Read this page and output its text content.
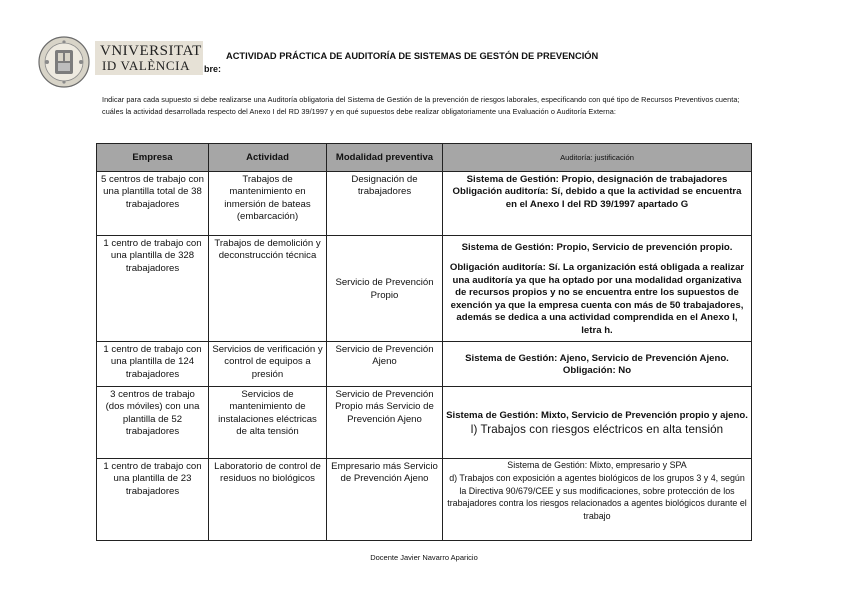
VNIVERSITAT
ID VALÈNCIA bre:
ACTIVIDAD PRÁCTICA DE AUDITORÍA DE SISTEMAS DE GESTÓN DE PREVENCIÓN

Indicar para cada supuesto si debe realizarse una Auditoría obligatoria del Sistema de Gestión de la prevención de riesgos laborales, especificando con qué tipo de Recursos Preventivos cuenta; cuáles la actividad desarrollada respecto del Anexo I del RD 39/1997 y en qué supuestos debe realizar obligatoriamente una Evaluación o Auditoría Externa:

Empresa	Actividad	Modalidad preventiva	Auditoría: justificación
5 centros de trabajo con una plantilla total de 38 trabajadores	Trabajos de mantenimiento en inmersión de bateas (embarcación)	Designación de trabajadores	Sistema de Gestión: Propio, designación de trabajadores
Obligación auditoría: Sí, debido a que la actividad se encuentra en el Anexo I del RD 39/1997 apartado G

1 centro de trabajo con una plantilla de 328 trabajadores	Trabajos de demolición y deconstrucción técnica	Servicio de Prevención Propio	Sistema de Gestión: Propio, Servicio de prevención propio.
Obligación auditoría: Sí. La organización está obligada a realizar una auditoría ya que ha optado por una modalidad organizativa de recursos propios y no se encuentra entre los supuestos de exención ya que la empresa cuenta con más de 50 trabajadores, además se dedica a una actividad comprendida en el Anexo I, letra h.

1 centro de trabajo con una plantilla de 124 trabajadores	Servicios de verificación y control de equipos a presión	Servicio de Prevención Ajeno	Sistema de Gestión: Ajeno, Servicio de Prevención Ajeno.
Obligación: No

3 centros de trabajo (dos móviles) con una plantilla de 52 trabajadores	Servicios de mantenimiento de instalaciones eléctricas de alta tensión	Servicio de Prevención Propio más Servicio de Prevención Ajeno	Sistema de Gestión: Mixto, Servicio de Prevención propio y ajeno.
l) Trabajos con riesgos eléctricos en alta tensión

1 centro de trabajo con una plantilla de 23 trabajadores	Laboratorio de control de residuos no biológicos	Empresario más Servicio de Prevención Ajeno	Sistema de Gestión: Mixto, empresario y SPA
d) Trabajos con exposición a agentes biológicos de los grupos 3 y 4, según la Directiva 90/679/CEE y sus modificaciones, sobre protección de los trabajadores contra los riesgos relacionados a agentes biológicos durante el trabajo
Docente Javier Navarro Aparicio
